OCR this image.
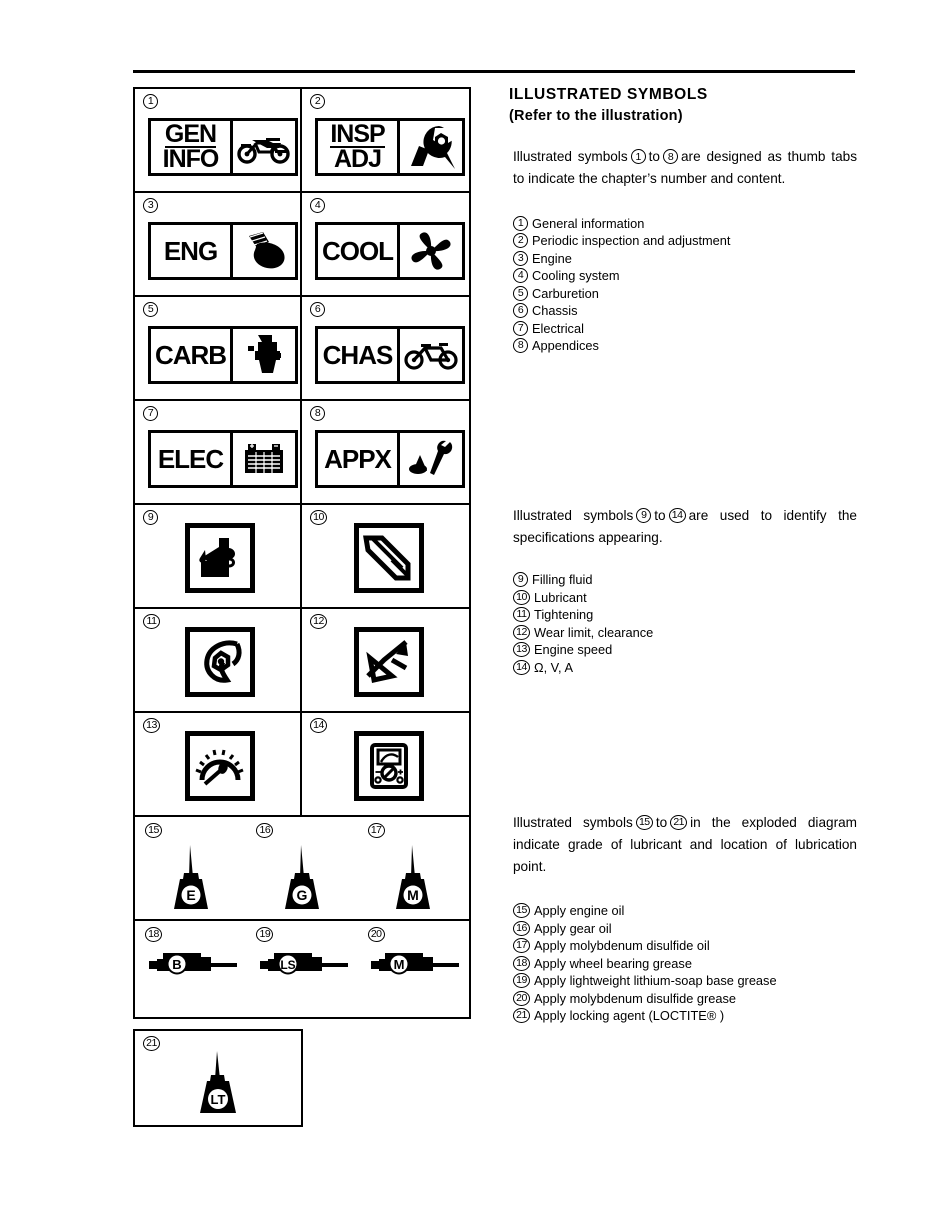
1
GEN
INFO
2
INSP
ADJ
3
ENG
4
COOL
5
CARB
6
CHAS
7
ELEC
8
APPX
9	10
11	12
13	14
15
E
16
G
17
M
18
B
19
LS
20
M
21
LT
ILLUSTRATED SYMBOLS
(Refer to the illustration)

Illustrated symbols 1 to 8 are designed as thumb tabs to indicate the chapter’s number and content.

1 General information
2 Periodic inspection and adjustment
3 Engine
4 Cooling system
5 Carburetion
6 Chassis
7 Electrical
8 Appendices

Illustrated symbols 9 to 14 are used to identify the specifications appearing.

9 Filling fluid
10 Lubricant
11 Tightening
12 Wear limit, clearance
13 Engine speed
14 Ω, V, A

Illustrated symbols 15 to 21 in the exploded diagram indicate grade of lubricant and location of lubrication point.

15 Apply engine oil
16 Apply gear oil
17 Apply molybdenum disulfide oil
18 Apply wheel bearing grease
19 Apply lightweight lithium-soap base grease
20 Apply molybdenum disulfide grease
21 Apply locking agent (LOCTITE® )
